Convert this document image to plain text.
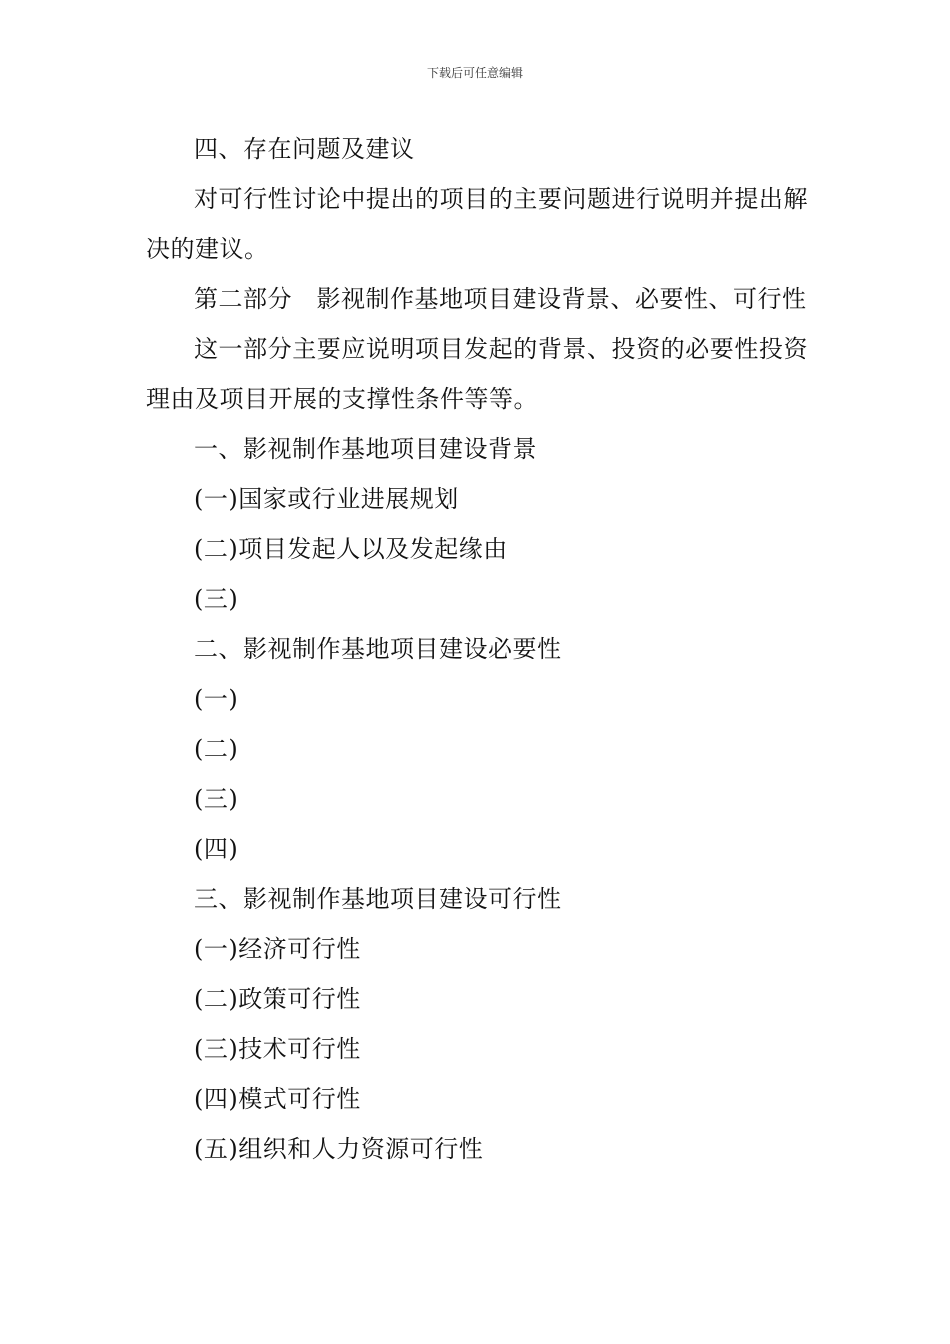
下载后可任意编辑

四、存在问题及建议

对可行性讨论中提出的项目的主要问题进行说明并提出解决的建议。

第二部分　影视制作基地项目建设背景、必要性、可行性

这一部分主要应说明项目发起的背景、投资的必要性投资理由及项目开展的支撑性条件等等。

一、影视制作基地项目建设背景

(一)国家或行业进展规划

(二)项目发起人以及发起缘由

(三)

二、影视制作基地项目建设必要性

(一)

(二)

(三)

(四)

三、影视制作基地项目建设可行性

(一)经济可行性

(二)政策可行性

(三)技术可行性

(四)模式可行性

(五)组织和人力资源可行性
